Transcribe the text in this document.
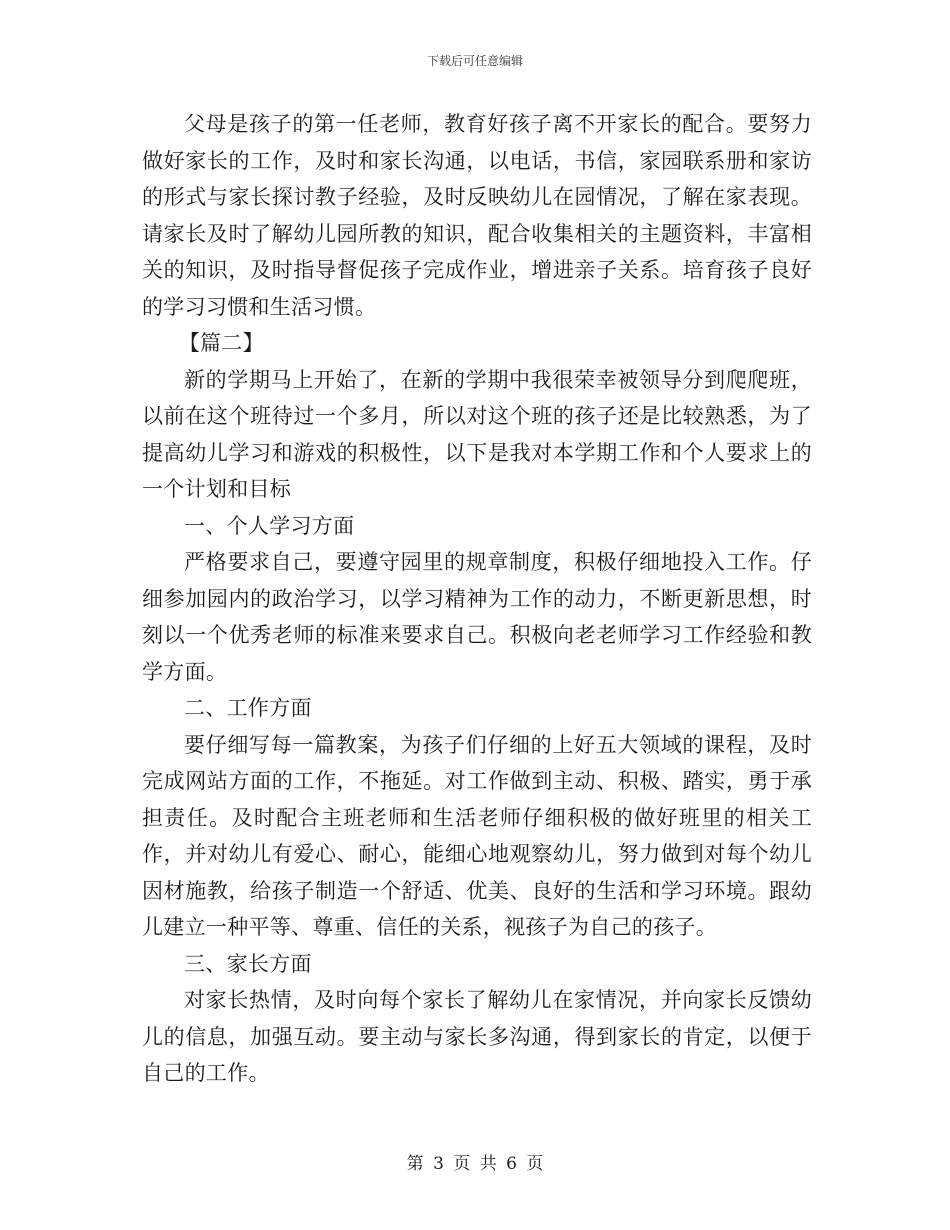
下载后可任意编辑

父母是孩子的第一任老师，教育好孩子离不开家长的配合。要努力做好家长的工作，及时和家长沟通，以电话，书信，家园联系册和家访的形式与家长探讨教子经验，及时反映幼儿在园情况，了解在家表现。请家长及时了解幼儿园所教的知识，配合收集相关的主题资料，丰富相关的知识，及时指导督促孩子完成作业，增进亲子关系。培育孩子良好的学习习惯和生活习惯。

【篇二】

新的学期马上开始了，在新的学期中我很荣幸被领导分到爬爬班，以前在这个班待过一个多月，所以对这个班的孩子还是比较熟悉，为了提高幼儿学习和游戏的积极性，以下是我对本学期工作和个人要求上的一个计划和目标

一、个人学习方面

严格要求自己，要遵守园里的规章制度，积极仔细地投入工作。仔细参加园内的政治学习，以学习精神为工作的动力，不断更新思想，时刻以一个优秀老师的标准来要求自己。积极向老老师学习工作经验和教学方面。

二、工作方面

要仔细写每一篇教案，为孩子们仔细的上好五大领域的课程，及时完成网站方面的工作，不拖延。对工作做到主动、积极、踏实，勇于承担责任。及时配合主班老师和生活老师仔细积极的做好班里的相关工作，并对幼儿有爱心、耐心，能细心地观察幼儿，努力做到对每个幼儿因材施教，给孩子制造一个舒适、优美、良好的生活和学习环境。跟幼儿建立一种平等、尊重、信任的关系，视孩子为自己的孩子。

三、家长方面

对家长热情，及时向每个家长了解幼儿在家情况，并向家长反馈幼儿的信息，加强互动。要主动与家长多沟通，得到家长的肯定，以便于自己的工作。

第 3 页 共 6 页
